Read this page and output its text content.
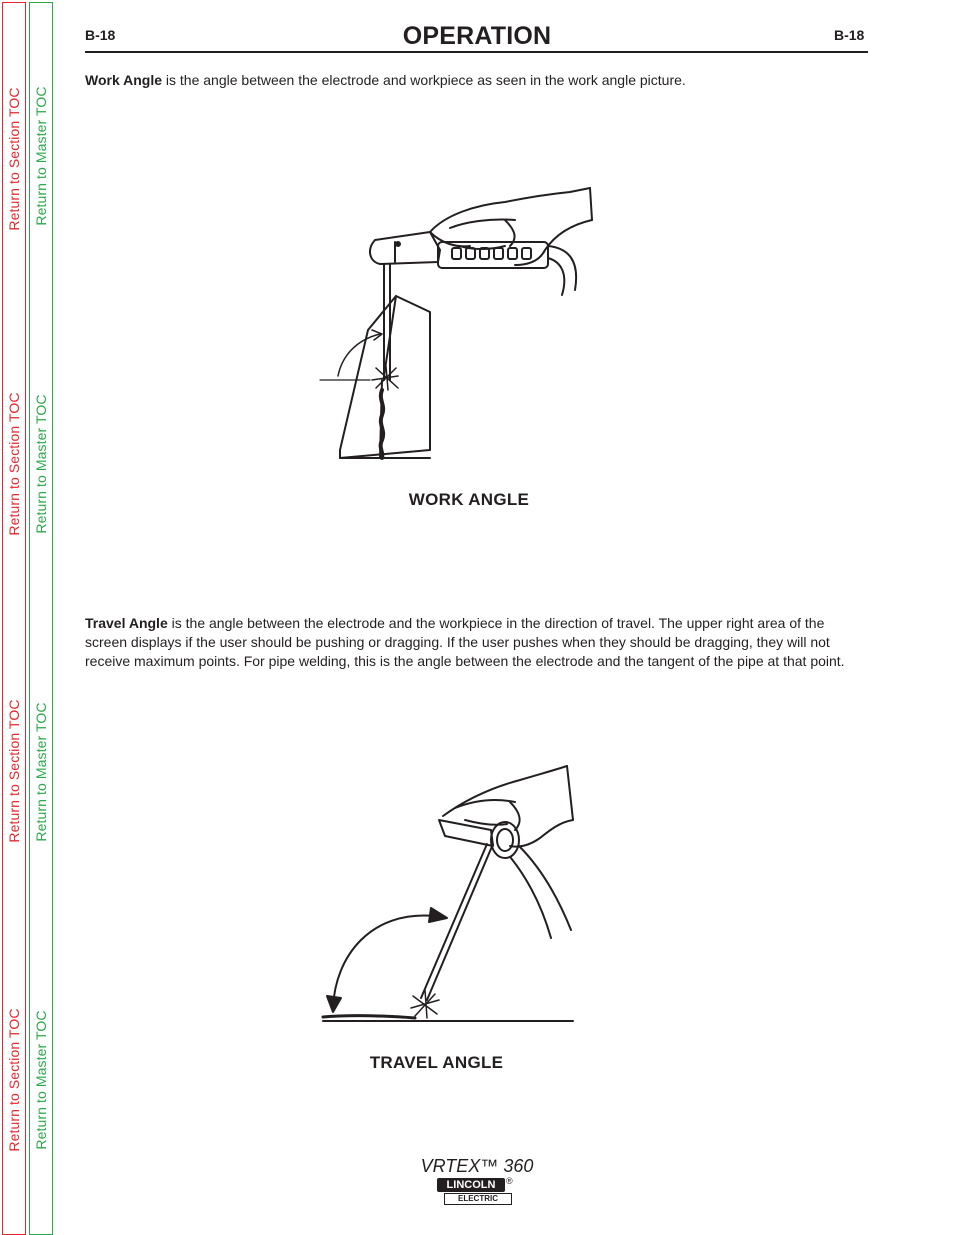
Return to Section TOC
Return to Section TOC
Return to Section TOC
Return to Section TOC
Return to Master TOC
Return to Master TOC
Return to Master TOC
Return to Master TOC
B-18	OPERATION	B-18

Work Angle is the angle between the electrode and workpiece as seen in the work angle picture.

WORK ANGLE

Travel Angle is the angle between the electrode and the workpiece in the direction of travel. The upper right area of the screen displays if the user should be pushing or dragging. If the user pushes when they should be dragging, they will not receive maximum points. For pipe welding, this is the angle between the electrode and the tangent of the pipe at that point.

TRAVEL ANGLE
VRTEX™ 360
LINCOLN	®
ELECTRIC
